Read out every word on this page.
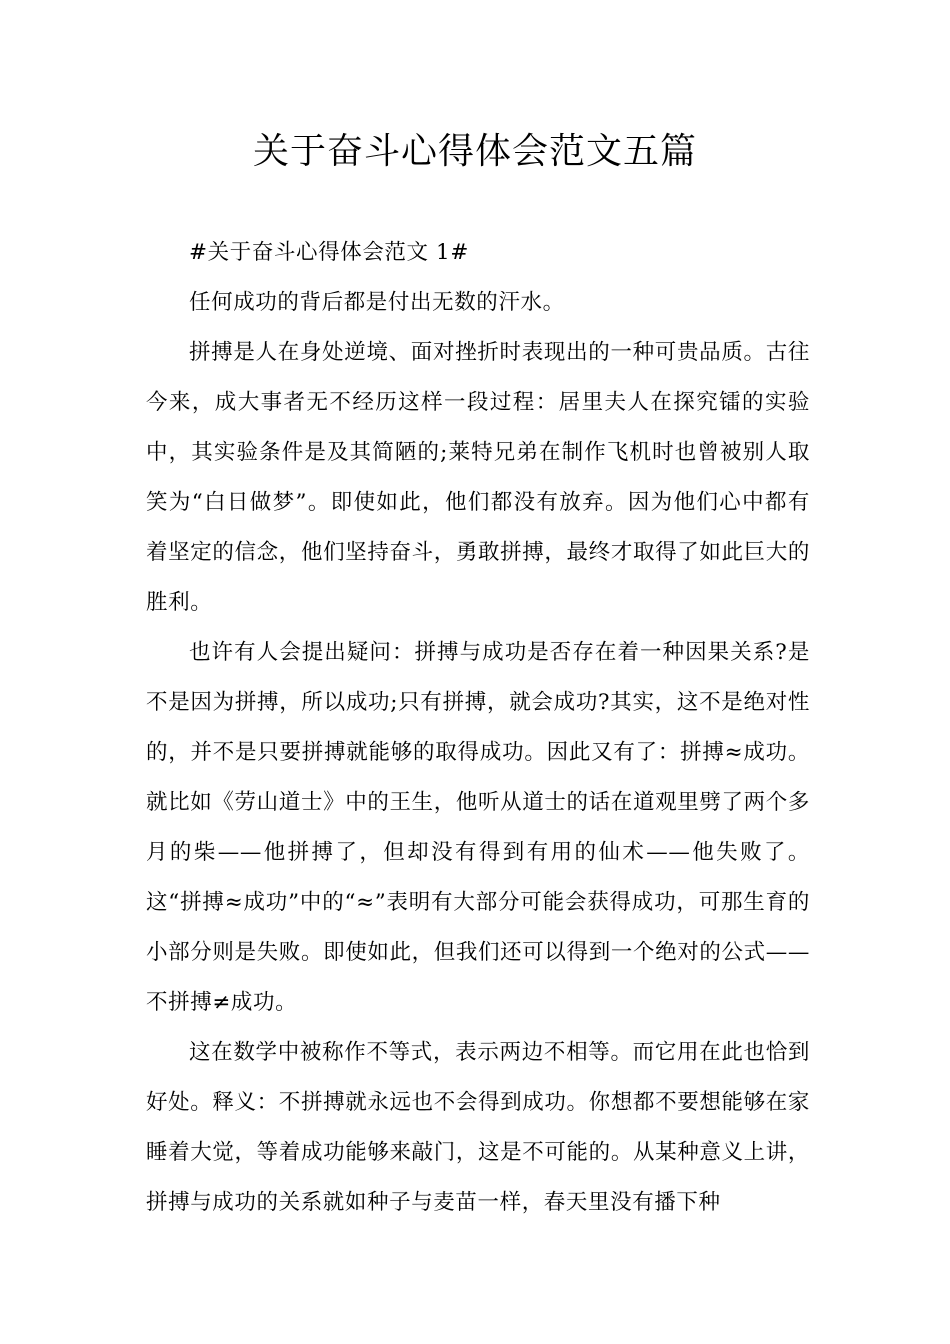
关于奋斗心得体会范文五篇

#关于奋斗心得体会范文 1#

任何成功的背后都是付出无数的汗水。

拼搏是人在身处逆境、面对挫折时表现出的一种可贵品质。古往今来，成大事者无不经历这样一段过程：居里夫人在探究镭的实验中，其实验条件是及其简陋的;莱特兄弟在制作飞机时也曾被别人取笑为“白日做梦”。即使如此，他们都没有放弃。因为他们心中都有着坚定的信念，他们坚持奋斗，勇敢拼搏，最终才取得了如此巨大的胜利。

也许有人会提出疑问：拼搏与成功是否存在着一种因果关系?是不是因为拼搏，所以成功;只有拼搏，就会成功?其实，这不是绝对性的，并不是只要拼搏就能够的取得成功。因此又有了：拼搏≈成功。就比如《劳山道士》中的王生，他听从道士的话在道观里劈了两个多月的柴——他拼搏了，但却没有得到有用的仙术——他失败了。这“拼搏≈成功”中的“≈”表明有大部分可能会获得成功，可那生育的小部分则是失败。即使如此，但我们还可以得到一个绝对的公式——不拼搏≠成功。

这在数学中被称作不等式，表示两边不相等。而它用在此也恰到好处。释义：不拼搏就永远也不会得到成功。你想都不要想能够在家睡着大觉，等着成功能够来敲门，这是不可能的。从某种意义上讲，拼搏与成功的关系就如种子与麦苗一样，春天里没有播下种
